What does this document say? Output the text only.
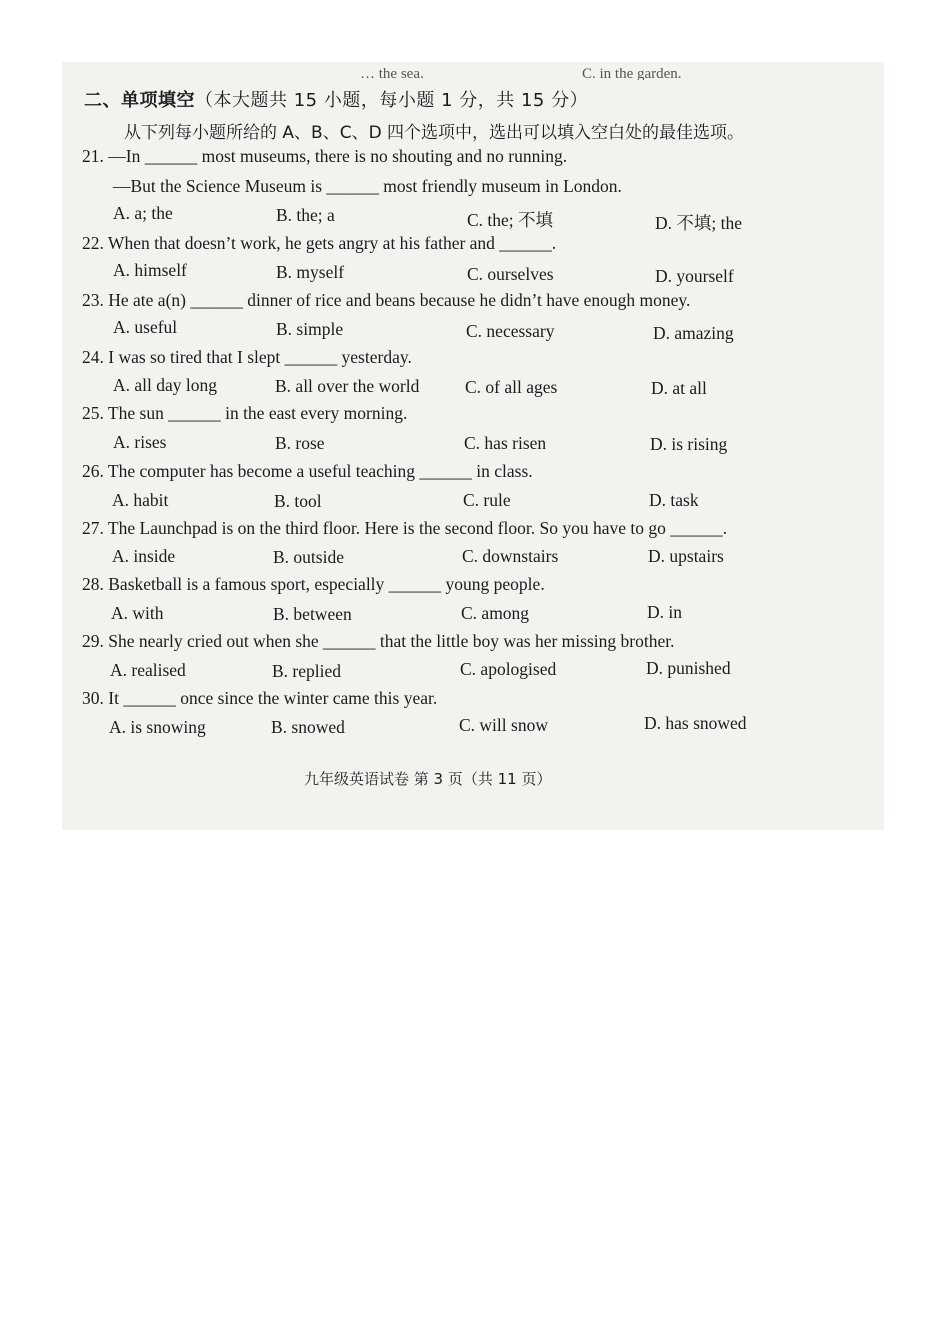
… the sea.	C. in the garden.
二、单项填空（本大题共 15 小题，每小题 1 分，共 15 分）
从下列每小题所给的 A、B、C、D 四个选项中，选出可以填入空白处的最佳选项。
21. —In ______ most museums, there is no shouting and no running.
—But the Science Museum is ______ most friendly museum in London.
A. a; the	B. the; a	C. the; 不填	D. 不填; the
22. When that doesn’t work, he gets angry at his father and ______.
A. himself	B. myself	C. ourselves	D. yourself
23. He ate a(n) ______ dinner of rice and beans because he didn’t have enough money.
A. useful	B. simple	C. necessary	D. amazing
24. I was so tired that I slept ______ yesterday.
A. all day long	B. all over the world	C. of all ages	D. at all
25. The sun ______ in the east every morning.
A. rises	B. rose	C. has risen	D. is rising
26. The computer has become a useful teaching ______ in class.
A. habit	B. tool	C. rule	D. task
27. The Launchpad is on the third floor. Here is the second floor. So you have to go ______.
A. inside	B. outside	C. downstairs	D. upstairs
28. Basketball is a famous sport, especially ______ young people.
A. with	B. between	C. among	D. in
29. She nearly cried out when she ______ that the little boy was her missing brother.
A. realised	B. replied	C. apologised	D. punished
30. It ______ once since the winter came this year.
A. is snowing	B. snowed	C. will snow	D. has snowed
九年级英语试卷 第 3 页（共 11 页）
